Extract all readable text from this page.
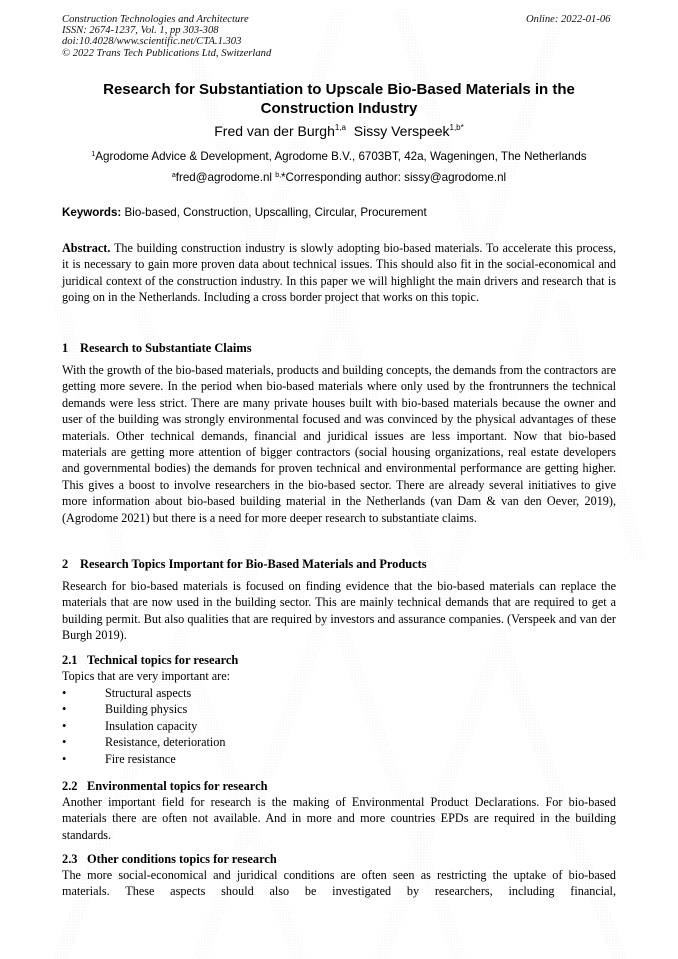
Construction Technologies and Architecture
ISSN: 2674-1237, Vol. 1, pp 303-308
doi:10.4028/www.scientific.net/CTA.1.303
© 2022 Trans Tech Publications Ltd, Switzerland
Online: 2022-01-06
Research for Substantiation to Upscale Bio-Based Materials in the
Construction Industry
Fred van der Burgh$^{1,a}$ Sissy Verspeek$^{1,b*}$
$^1$Agrodome Advice & Development, Agrodome B.V., 6703BT, 42a, Wageningen, The Netherlands
$^a$fred@agrodome.nl $^{b,}$*Corresponding author: sissy@agrodome.nl
Keywords: Bio-based, Construction, Upscalling, Circular, Procurement
Abstract. The building construction industry is slowly adopting bio-based materials. To accelerate this process, it is necessary to gain more proven data about technical issues. This should also fit in the social-economical and juridical context of the construction industry. In this paper we will highlight the main drivers and research that is going on in the Netherlands. Including a cross border project that works on this topic.
1 Research to Substantiate Claims
With the growth of the bio-based materials, products and building concepts, the demands from the contractors are getting more severe. In the period when bio-based materials where only used by the frontrunners the technical demands were less strict. There are many private houses built with bio-based materials because the owner and user of the building was strongly environmental focused and was convinced by the physical advantages of these materials. Other technical demands, financial and juridical issues are less important. Now that bio-based materials are getting more attention of bigger contractors (social housing organizations, real estate developers and governmental bodies) the demands for proven technical and environmental performance are getting higher. This gives a boost to involve researchers in the bio-based sector. There are already several initiatives to give more information about bio-based building material in the Netherlands (van Dam & van den Oever, 2019), (Agrodome 2021) but there is a need for more deeper research to substantiate claims.
2 Research Topics Important for Bio-Based Materials and Products
Research for bio-based materials is focused on finding evidence that the bio-based materials can replace the materials that are now used in the building sector. This are mainly technical demands that are required to get a building permit. But also qualities that are required by investors and assurance companies. (Verspeek and van der Burgh 2019).
2.1 Technical topics for research
Topics that are very important are:
•	Structural aspects
•	Building physics
•	Insulation capacity
•	Resistance, deterioration
•	Fire resistance
2.2 Environmental topics for research
Another important field for research is the making of Environmental Product Declarations. For bio-based materials there are often not available. And in more and more countries EPDs are required in the building standards.
2.3 Other conditions topics for research
The more social-economical and juridical conditions are often seen as restricting the uptake of bio-based materials. These aspects should also be investigated by researchers, including financial,
